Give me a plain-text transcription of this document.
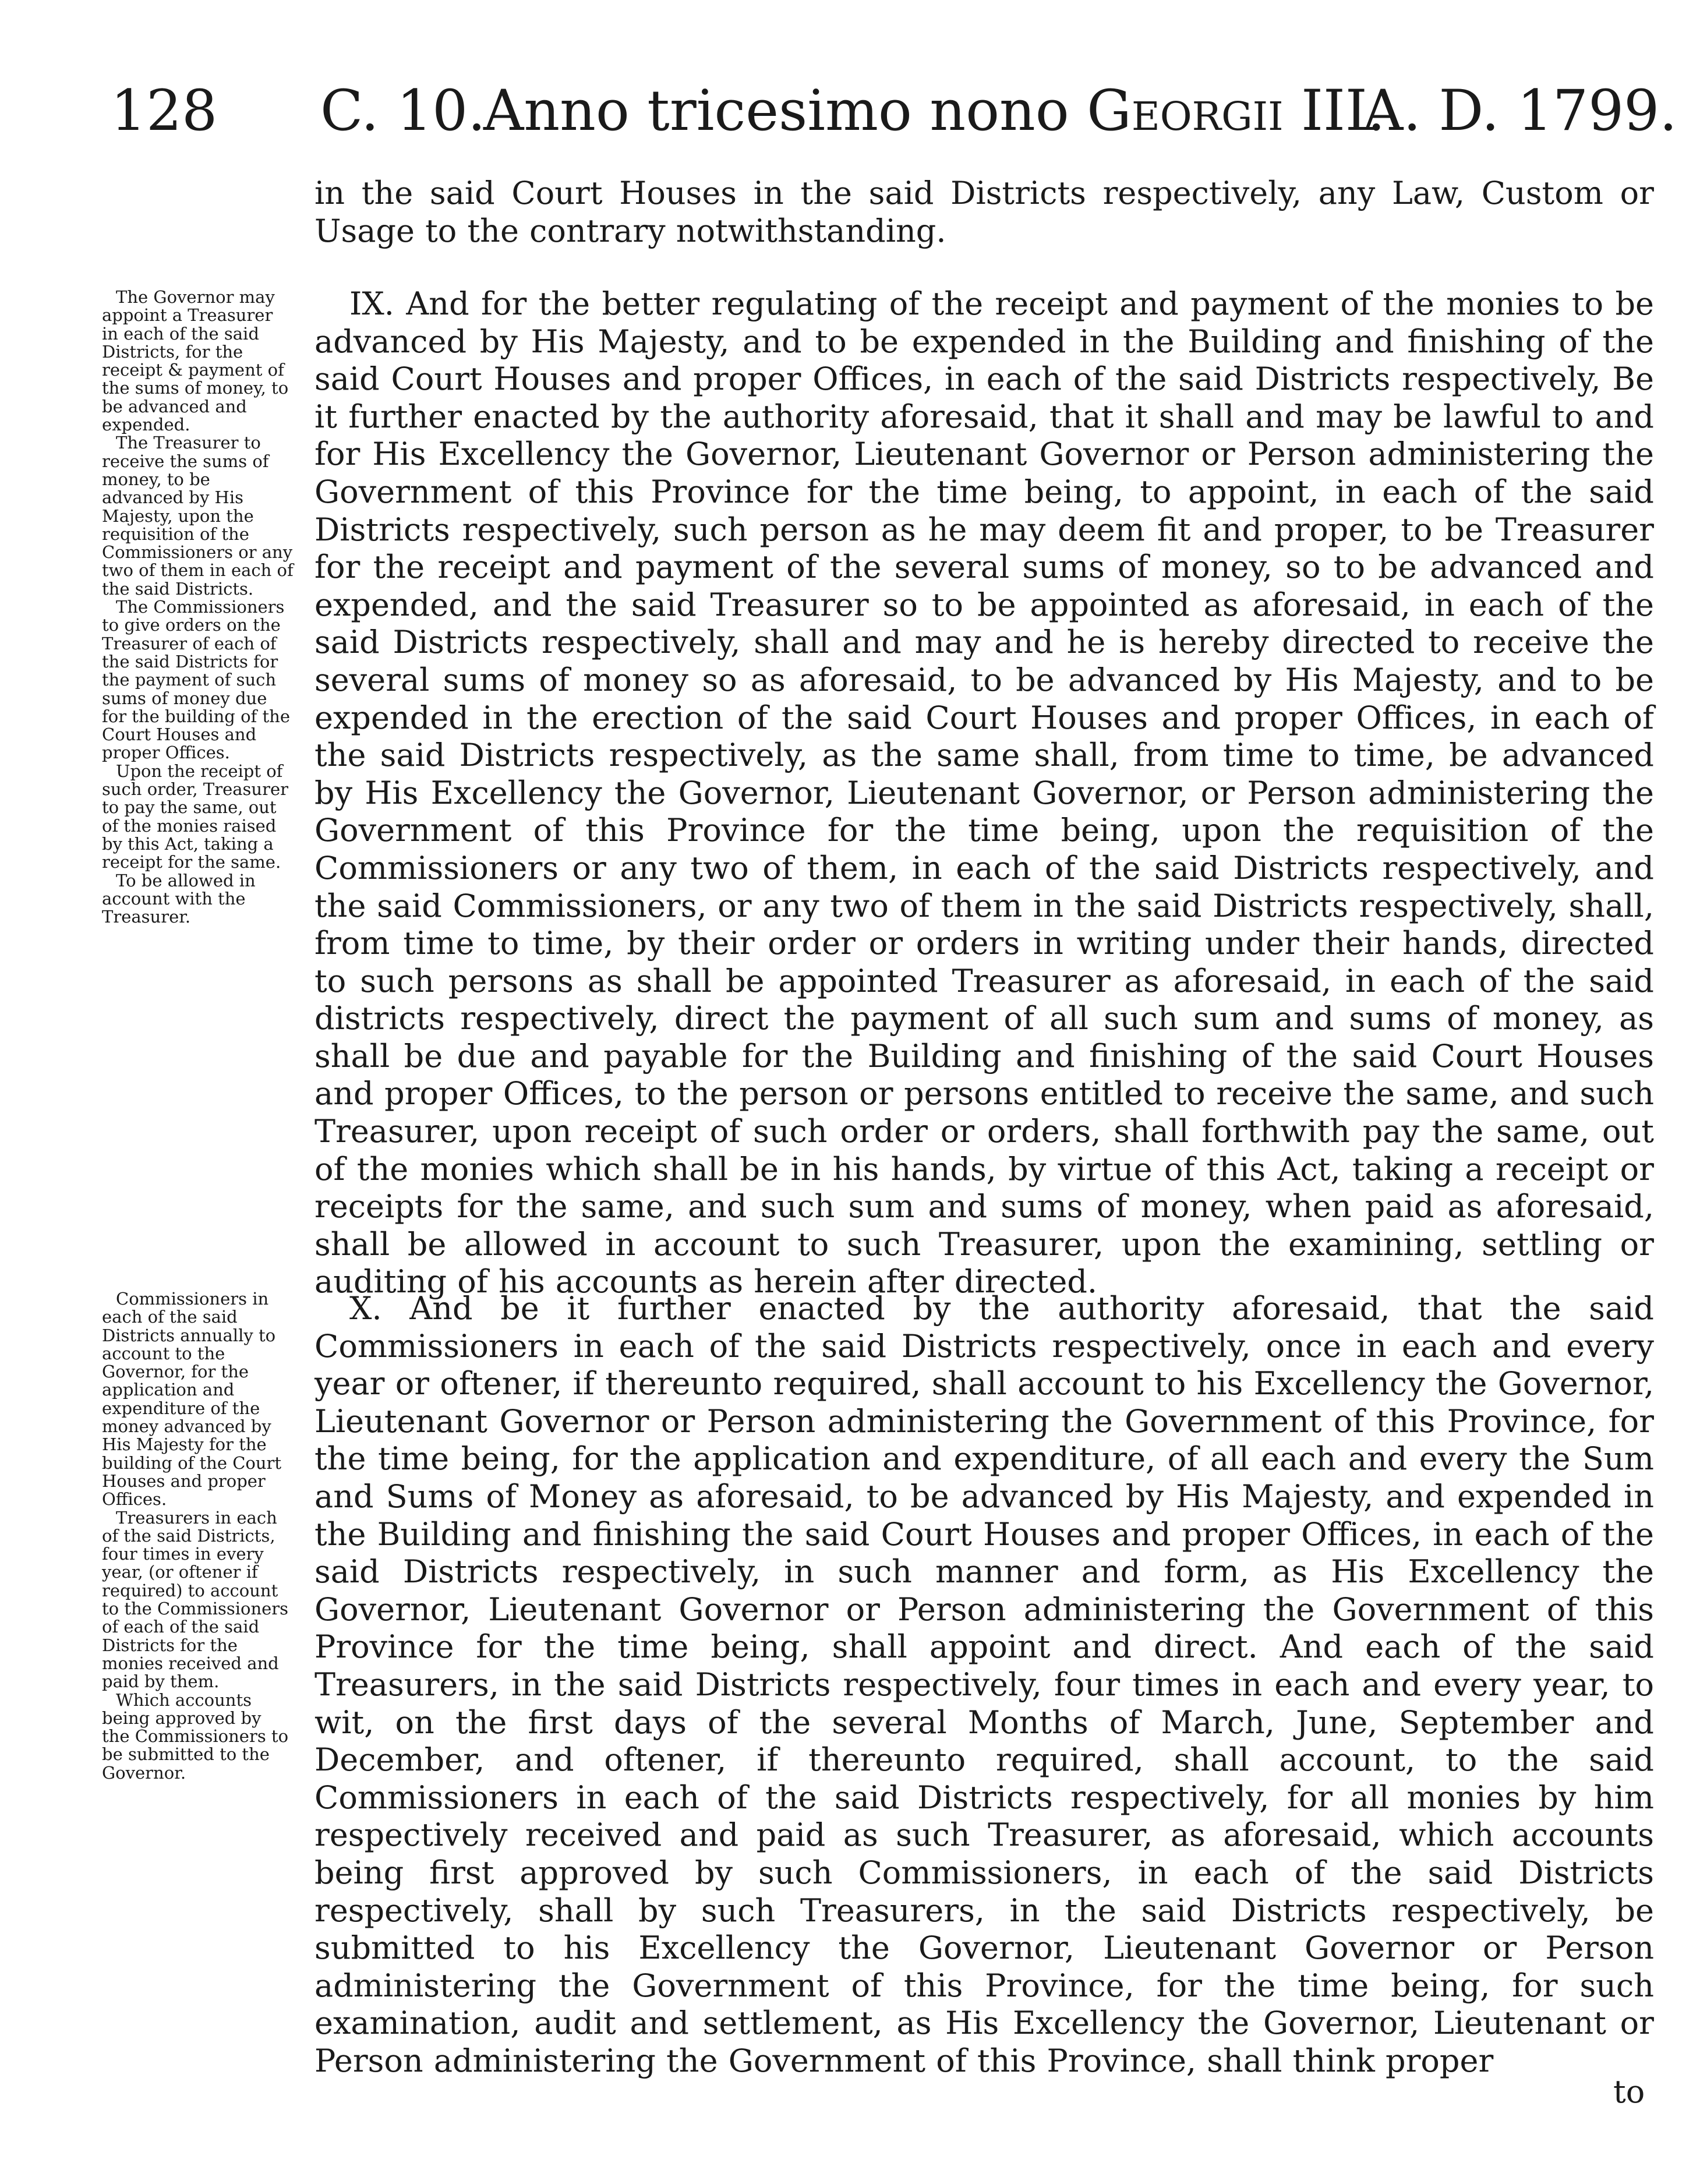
128 C. 10.
Anno tricesimo nono Georgii III.
A. D. 1799.

in the said Court Houses in the said Districts respectively, any Law, Custom or Usage to the contrary notwithstanding.

IX. And for the better regulating of the receipt and payment of the monies to be advanced by His Majesty, and to be expended in the Building and finishing of the said Court Houses and proper Offices, in each of the said Districts respectively, Be it further enacted by the authority aforesaid, that it shall and may be lawful to and for His Excellency the Governor, Lieutenant Governor or Person administering the Government of this Province for the time being, to appoint, in each of the said Districts respectively, such person as he may deem fit and proper, to be Treasurer for the receipt and payment of the several sums of money, so to be advanced and expended, and the said Treasurer so to be appointed as aforesaid, in each of the said Districts respectively, shall and may and he is hereby directed to receive the several sums of money so as aforesaid, to be advanced by His Majesty, and to be expended in the erection of the said Court Houses and proper Offices, in each of the said Districts respectively, as the same shall, from time to time, be advanced by His Excellency the Governor, Lieutenant Governor, or Person administering the Government of this Province for the time being, upon the requisition of the Commissioners or any two of them, in each of the said Districts respectively, and the said Commissioners, or any two of them in the said Districts respectively, shall, from time to time, by their order or orders in writing under their hands, directed to such persons as shall be appointed Treasurer as aforesaid, in each of the said districts respectively, direct the payment of all such sum and sums of money, as shall be due and payable for the Building and finishing of the said Court Houses and proper Offices, to the person or persons entitled to receive the same, and such Treasurer, upon receipt of such order or orders, shall forthwith pay the same, out of the monies which shall be in his hands, by virtue of this Act, taking a receipt or receipts for the same, and such sum and sums of money, when paid as aforesaid, shall be allowed in account to such Treasurer, upon the examining, settling or auditing of his accounts as herein after directed.

X. And be it further enacted by the authority aforesaid, that the said Commissioners in each of the said Districts respectively, once in each and every year or oftener, if thereunto required, shall account to his Excellency the Governor, Lieutenant Governor or Person administering the Government of this Province, for the time being, for the application and expenditure, of all each and every the Sum and Sums of Money as aforesaid, to be advanced by His Majesty, and expended in the Building and finishing the said Court Houses and proper Offices, in each of the said Districts respectively, in such manner and form, as His Excellency the Governor, Lieutenant Governor or Person administering the Government of this Province for the time being, shall appoint and direct. And each of the said Treasurers, in the said Districts respectively, four times in each and every year, to wit, on the first days of the several Months of March, June, September and December, and oftener, if thereunto required, shall account, to the said Commissioners in each of the said Districts respectively, for all monies by him respectively received and paid as such Treasurer, as aforesaid, which accounts being first approved by such Commissioners, in each of the said Districts respectively, shall by such Treasurers, in the said Districts respectively, be submitted to his Excellency the Governor, Lieutenant Governor or Person administering the Government of this Province, for the time being, for such examination, audit and settlement, as His Excellency the Governor, Lieutenant or Person administering the Government of this Province, shall think proper

to

The Governor may appoint a Treasurer in each of the said Districts, for the receipt & payment of the sums of money, to be advanced and expended.

The Treasurer to receive the sums of money, to be advanced by His Majesty, upon the requisition of the Commissioners or any two of them in each of the said Districts.

The Commissioners to give orders on the Treasurer of each of the said Districts for the payment of such sums of money due for the building of the Court Houses and proper Offices.

Upon the receipt of such order, Treasurer to pay the same, out of the monies raised by this Act, taking a receipt for the same.

To be allowed in account with the Treasurer.

Commissioners in each of the said Districts annually to account to the Governor, for the application and expenditure of the money advanced by His Majesty for the building of the Court Houses and proper Offices.

Treasurers in each of the said Districts, four times in every year, (or oftener if required) to account to the Commissioners of each of the said Districts for the monies received and paid by them.

Which accounts being approved by the Commissioners to be submitted to the Governor.
